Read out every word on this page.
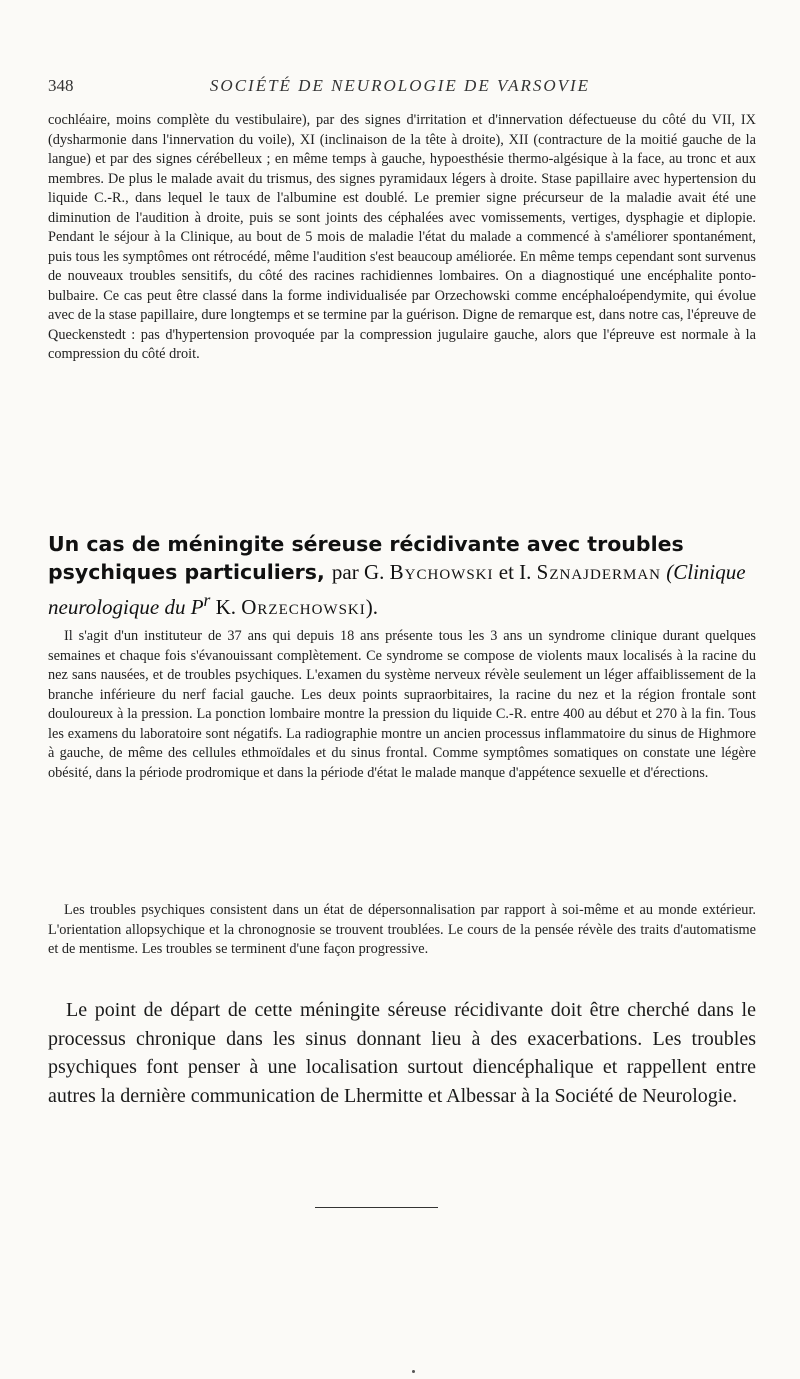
348	SOCIÉTÉ DE NEUROLOGIE DE VARSOVIE

cochléaire, moins complète du vestibulaire), par des signes d'irritation et d'innervation défectueuse du côté du VII, IX (dysharmonie dans l'innervation du voile), XI (inclinaison de la tête à droite), XII (contracture de la moitié gauche de la langue) et par des signes cérébelleux ; en même temps à gauche, hypoesthésie thermo-algésique à la face, au tronc et aux membres. De plus le malade avait du trismus, des signes pyramidaux légers à droite. Stase papillaire avec hypertension du liquide C.-R., dans lequel le taux de l'albumine est doublé. Le premier signe précurseur de la maladie avait été une diminution de l'audition à droite, puis se sont joints des céphalées avec vomissements, vertiges, dysphagie et diplopie. Pendant le séjour à la Clinique, au bout de 5 mois de maladie l'état du malade a commencé à s'améliorer spontanément, puis tous les symptômes ont rétrocédé, même l'audition s'est beaucoup améliorée. En même temps cependant sont survenus de nouveaux troubles sensitifs, du côté des racines rachidiennes lombaires. On a diagnostiqué une encéphalite ponto-bulbaire. Ce cas peut être classé dans la forme individualisée par Orzechowski comme encéphaloépendymite, qui évolue avec de la stase papillaire, dure longtemps et se termine par la guérison. Digne de remarque est, dans notre cas, l'épreuve de Queckenstedt : pas d'hypertension provoquée par la compression jugulaire gauche, alors que l'épreuve est normale à la compression du côté droit.

Un cas de méningite séreuse récidivante avec troubles psychiques particuliers, par G. Bychowski et I. Sznajderman (Clinique neurologique du $P^r$ K. Orzechowski).

Il s'agit d'un instituteur de 37 ans qui depuis 18 ans présente tous les 3 ans un syndrome clinique durant quelques semaines et chaque fois s'évanouissant complètement. Ce syndrome se compose de violents maux localisés à la racine du nez sans nausées, et de troubles psychiques. L'examen du système nerveux révèle seulement un léger affaiblissement de la branche inférieure du nerf facial gauche. Les deux points supraorbitaires, la racine du nez et la région frontale sont douloureux à la pression. La ponction lombaire montre la pression du liquide C.-R. entre 400 au début et 270 à la fin. Tous les examens du laboratoire sont négatifs. La radiographie montre un ancien processus inflammatoire du sinus de Highmore à gauche, de même des cellules ethmoïdales et du sinus frontal. Comme symptômes somatiques on constate une légère obésité, dans la période prodromique et dans la période d'état le malade manque d'appétence sexuelle et d'érections.

Les troubles psychiques consistent dans un état de dépersonnalisation par rapport à soi-même et au monde extérieur. L'orientation allopsychique et la chronognosie se trouvent troublées. Le cours de la pensée révèle des traits d'automatisme et de mentisme. Les troubles se terminent d'une façon progressive.

Le point de départ de cette méningite séreuse récidivante doit être cherché dans le processus chronique dans les sinus donnant lieu à des exacerbations. Les troubles psychiques font penser à une localisation surtout diencéphalique et rappellent entre autres la dernière communication de Lhermitte et Albessar à la Société de Neurologie.
